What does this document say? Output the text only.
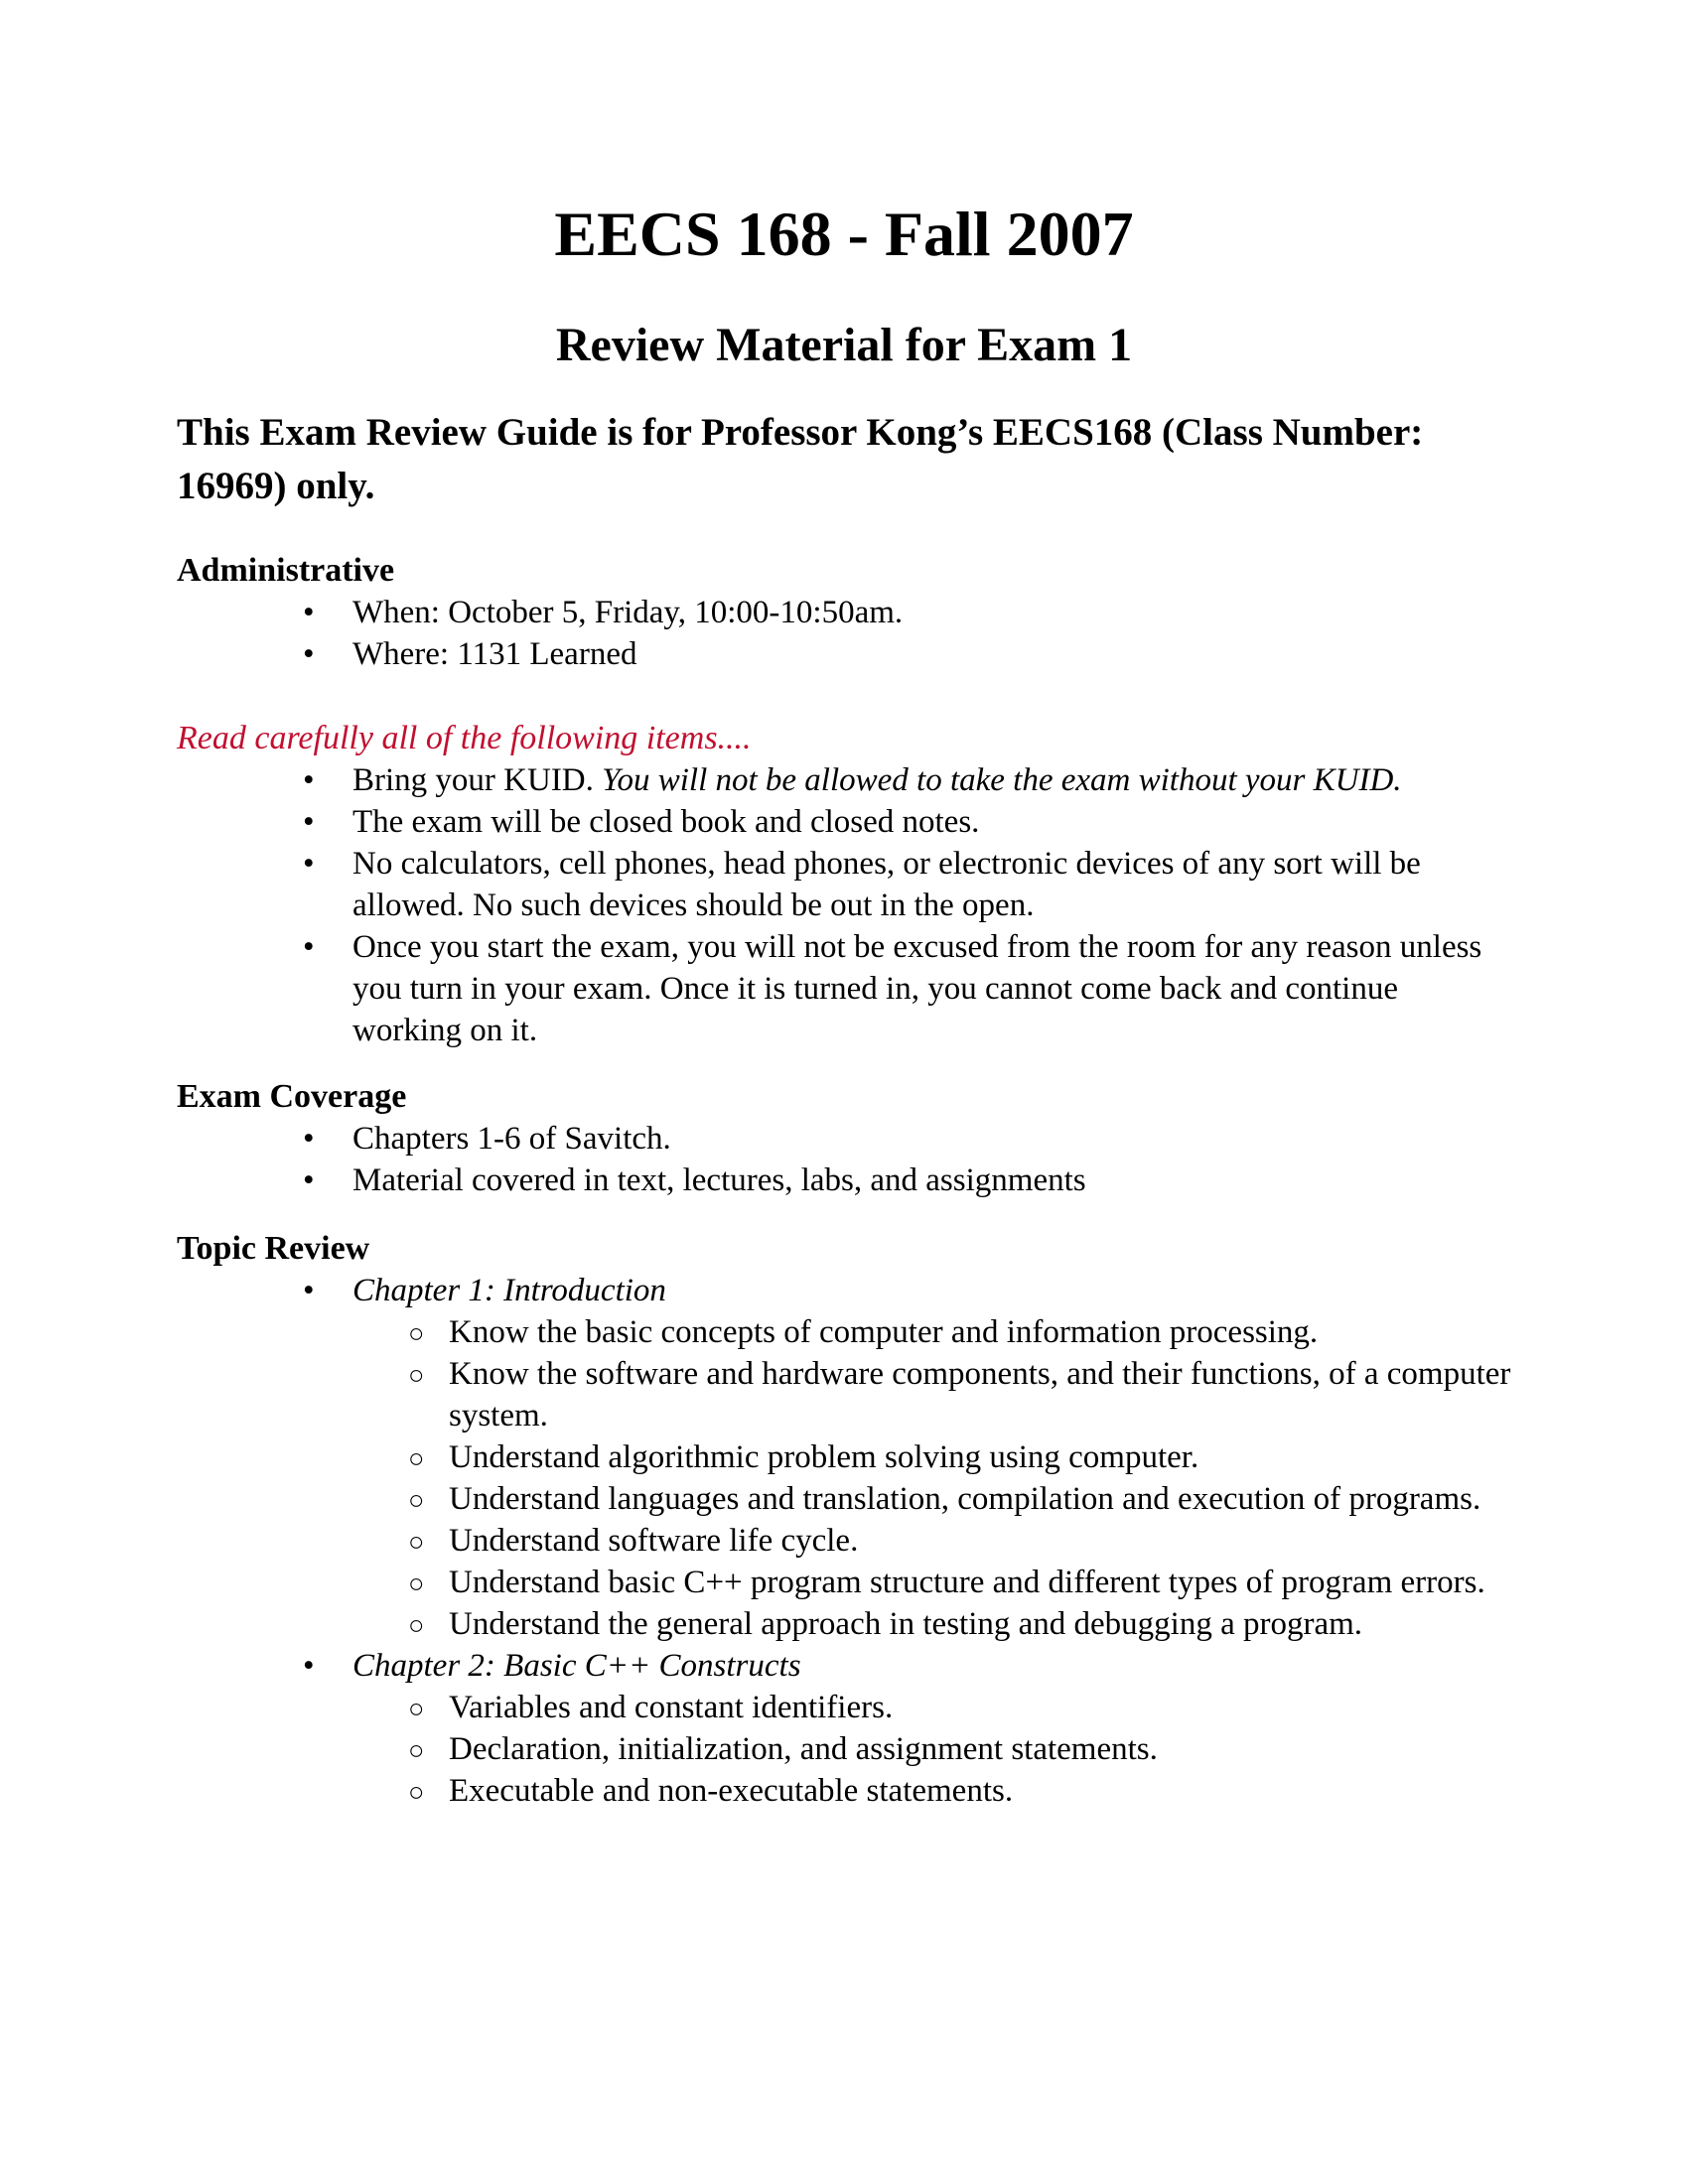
EECS 168 - Fall 2007
Review Material for Exam 1

This Exam Review Guide is for Professor Kong’s EECS168 (Class Number: 16969) only.

Administrative
• When: October 5, Friday, 10:00-10:50am.
• Where: 1131 Learned

Read carefully all of the following items....

• Bring your KUID. You will not be allowed to take the exam without your KUID.
• The exam will be closed book and closed notes.
• No calculators, cell phones, head phones, or electronic devices of any sort will be allowed. No such devices should be out in the open.
• Once you start the exam, you will not be excused from the room for any reason unless you turn in your exam. Once it is turned in, you cannot come back and continue working on it.
Exam Coverage
• Chapters 1-6 of Savitch.
• Material covered in text, lectures, labs, and assignments
Topic Review
• Chapter 1: Introduction
○ Know the basic concepts of computer and information processing.
○ Know the software and hardware components, and their functions, of a computer system.
○ Understand algorithmic problem solving using computer.
○ Understand languages and translation, compilation and execution of programs.
○ Understand software life cycle.
○ Understand basic C++ program structure and different types of program errors.
○ Understand the general approach in testing and debugging a program.
• Chapter 2: Basic C++ Constructs
○ Variables and constant identifiers.
○ Declaration, initialization, and assignment statements.
○ Executable and non-executable statements.
